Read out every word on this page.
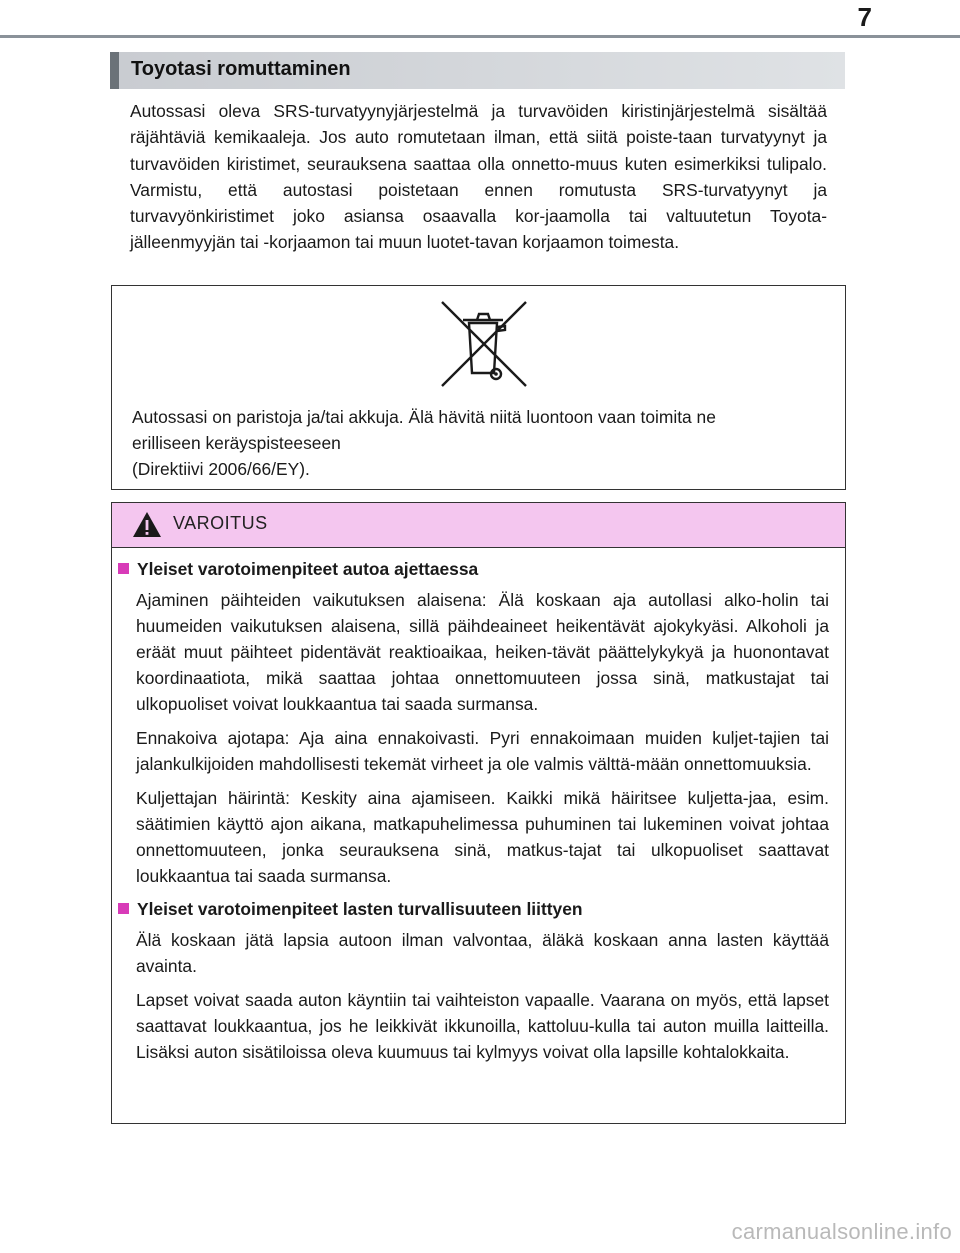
7
Toyotasi romuttaminen

Autossasi oleva SRS-turvatyynyjärjestelmä ja turvavöiden kiristinjärjestelmä sisältää räjähtäviä kemikaaleja. Jos auto romutetaan ilman, että siitä poiste-taan turvatyynyt ja turvavöiden kiristimet, seurauksena saattaa olla onnetto-muus kuten esimerkiksi tulipalo. Varmistu, että autostasi poistetaan ennen romutusta SRS-turvatyynyt ja turvavyönkiristimet joko asiansa osaavalla kor-jaamolla tai valtuutetun Toyota-jälleenmyyjän tai -korjaamon tai muun luotet-tavan korjaamon toimesta.

Autossasi on paristoja ja/tai akkuja. Älä hävitä niitä luontoon vaan toimita ne
erilliseen keräyspisteeseen
(Direktiivi 2006/66/EY).

VAROITUS
Yleiset varotoimenpiteet autoa ajettaessa

Ajaminen päihteiden vaikutuksen alaisena: Älä koskaan aja autollasi alko-holin tai huumeiden vaikutuksen alaisena, sillä päihdeaineet heikentävät ajokykyäsi. Alkoholi ja eräät muut päihteet pidentävät reaktioaikaa, heiken-tävät päättelykykyä ja huonontavat koordinaatiota, mikä saattaa johtaa onnettomuuteen jossa sinä, matkustajat tai ulkopuoliset voivat loukkaantua tai saada surmansa.

Ennakoiva ajotapa: Aja aina ennakoivasti. Pyri ennakoimaan muiden kuljet-tajien tai jalankulkijoiden mahdollisesti tekemät virheet ja ole valmis välttä-mään onnettomuuksia.

Kuljettajan häirintä: Keskity aina ajamiseen. Kaikki mikä häiritsee kuljetta-jaa, esim. säätimien käyttö ajon aikana, matkapuhelimessa puhuminen tai lukeminen voivat johtaa onnettomuuteen, jonka seurauksena sinä, matkus-tajat tai ulkopuoliset saattavat loukkaantua tai saada surmansa.

Yleiset varotoimenpiteet lasten turvallisuuteen liittyen

Älä koskaan jätä lapsia autoon ilman valvontaa, äläkä koskaan anna lasten käyttää avainta.

Lapset voivat saada auton käyntiin tai vaihteiston vapaalle. Vaarana on myös, että lapset saattavat loukkaantua, jos he leikkivät ikkunoilla, kattoluu-kulla tai auton muilla laitteilla. Lisäksi auton sisätiloissa oleva kuumuus tai kylmyys voivat olla lapsille kohtalokkaita.

carmanualsonline.info
